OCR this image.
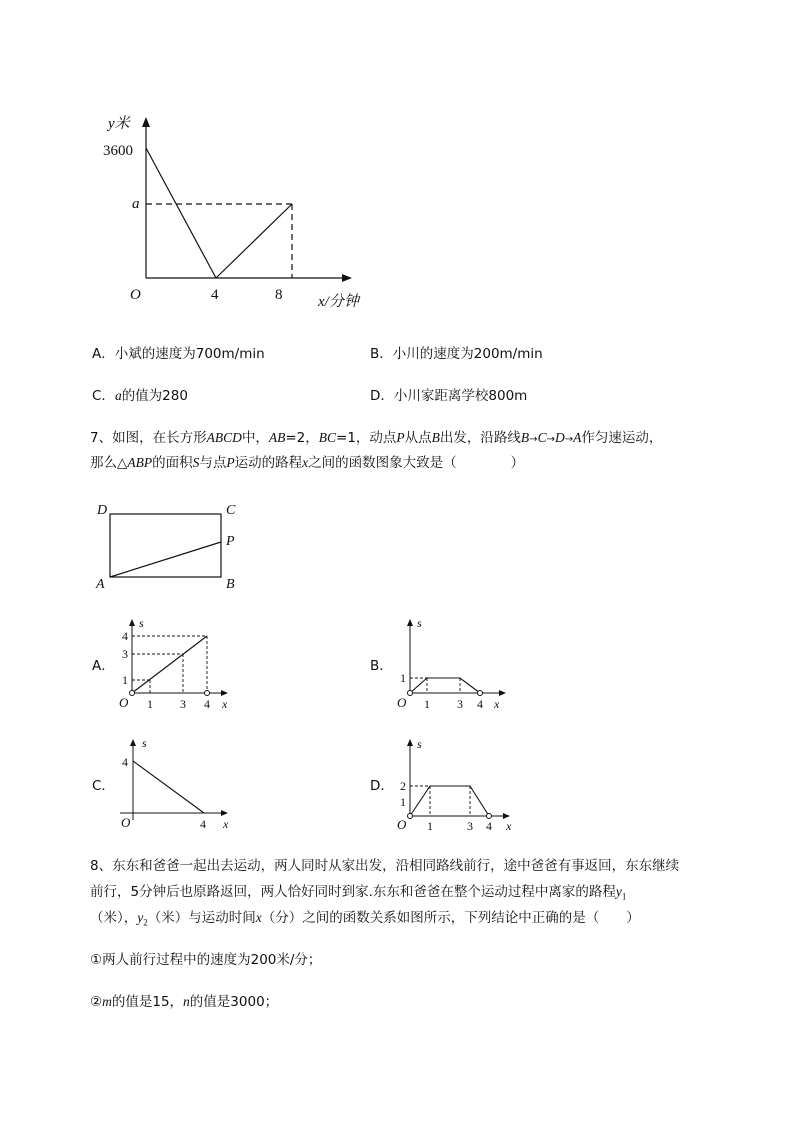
y米
3600
a
O	4	8 x/分钟
A．小斌的速度为700m/min	B．小川的速度为200m/min
C．a的值为280	D．小川家距离学校800m
7、如图，在长方形ABCD中，AB=2，BC=1，动点P从点B出发，沿路线B→C→D→A作匀速运动，
那么△ABP的面积S与点P运动的路程x之间的函数图象大致是（　　　　）
D	C
P
A	B
A．
s
4
3
1
O 1 3 4 x
B．
s
1
O 1 3 4 x
C．
s
4
O	4 x
D．
s
2
1
O 1	3 4 x
8、东东和爸爸一起出去运动，两人同时从家出发，沿相同路线前行，途中爸爸有事返回，东东继续
前行，5分钟后也原路返回，两人恰好同时到家.东东和爸爸在整个运动过程中离家的路程$y_1$
（米），$y_2$（米）与运动时间x（分）之间的函数关系如图所示，下列结论中正确的是（　　）
①两人前行过程中的速度为200米/分；
②m的值是15，n的值是3000；
